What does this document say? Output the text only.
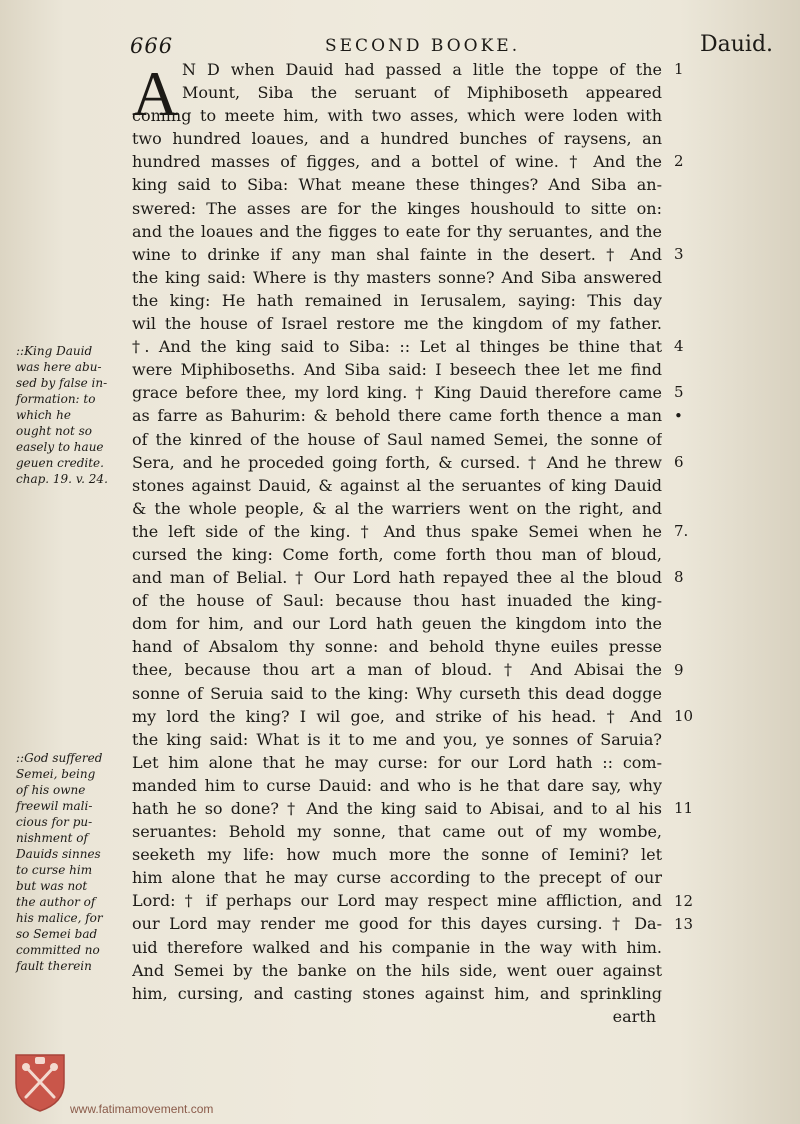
666	SECOND BOOKE.	Dauid.
A N D when Dauid had passed a litle the toppe of the
Mount, Siba the seruant of Miphiboseth appeared
coming to meete him, with two asses, which were loden with
two hundred loaues, and a hundred bunches of raysens, an
hundred masses of figges, and a bottel of wine. † And the
king said to Siba: What meane these thinges? And Siba an-
swered: The asses are for the kinges houshould to sitte on:
and the loaues and the figges to eate for thy seruantes, and the
wine to drinke if any man shal fainte in the desert. † And
the king said: Where is thy masters sonne? And Siba answered
the king: He hath remained in Ierusalem, saying: This day
wil the house of Israel restore me the kingdom of my father.
†. And the king said to Siba: :: Let al thinges be thine that
were Miphiboseths. And Siba said: I beseech thee let me find
grace before thee, my lord king. † King Dauid therefore came
as farre as Bahurim: & behold there came forth thence a man
of the kinred of the house of Saul named Semei, the sonne of
Sera, and he proceded going forth, & cursed. † And he threw
stones against Dauid, & against al the seruantes of king Dauid
& the whole people, & al the warriers went on the right, and
the left side of the king. † And thus spake Semei when he
cursed the king: Come forth, come forth thou man of bloud,
and man of Belial. † Our Lord hath repayed thee al the bloud
of the house of Saul: because thou hast inuaded the king-
dom for him, and our Lord hath geuen the kingdom into the
hand of Absalom thy sonne: and behold thyne euiles presse
thee, because thou art a man of bloud. † And Abisai the
sonne of Seruia said to the king: Why curseth this dead dogge
my lord the king? I wil goe, and strike of his head. † And
the king said: What is it to me and you, ye sonnes of Saruia?
Let him alone that he may curse: for our Lord hath :: com-
manded him to curse Dauid: and who is he that dare say, why
hath he so done? † And the king said to Abisai, and to al his
seruantes: Behold my sonne, that came out of my wombe,
seeketh my life: how much more the sonne of Iemini? let
him alone that he may curse according to the precept of our
Lord: † if perhaps our Lord may respect mine affliction, and
our Lord may render me good for this dayes cursing. † Da-
uid therefore walked and his companie in the way with him.
And Semei by the banke on the hils side, went ouer against
him, cursing, and casting stones against him, and sprinkling
earth
1
2
3
4
5
•
6
7.
8
9
10
11
12
13
::King Dauid
was here abu-
sed by false in-
formation: to
which he
ought not so
easely to haue
geuen credite.
chap. 19. v. 24.
::God suffered
Semei, being
of his owne
freewil mali-
cious for pu-
nishment of
Dauids sinnes
to curse him
but was not
the author of
his malice, for
so Semei bad
committed no
fault therein
www.fatimamovement.com
